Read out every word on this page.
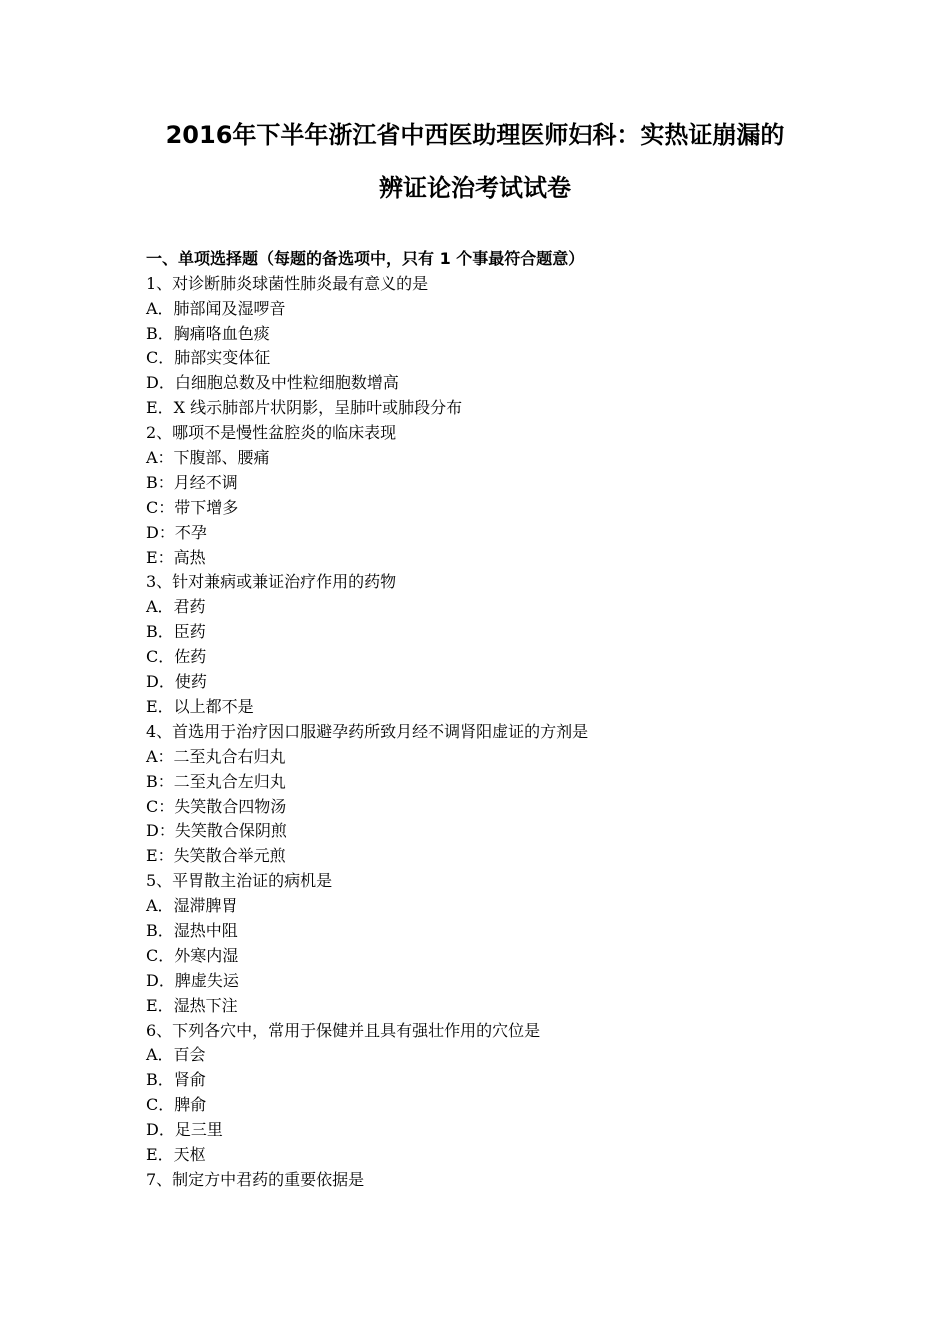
2016年下半年浙江省中西医助理医师妇科：实热证崩漏的
辨证论治考试试卷
一、单项选择题（每题的备选项中，只有 1 个事最符合题意）
1、对诊断肺炎球菌性肺炎最有意义的是
A．肺部闻及湿啰音
B．胸痛咯血色痰
C．肺部实变体征
D．白细胞总数及中性粒细胞数增高
E．X 线示肺部片状阴影，呈肺叶或肺段分布
2、哪项不是慢性盆腔炎的临床表现
A：下腹部、腰痛
B：月经不调
C：带下增多
D：不孕
E：高热
3、针对兼病或兼证治疗作用的药物
A．君药
B．臣药
C．佐药
D．使药
E．以上都不是
4、首选用于治疗因口服避孕药所致月经不调肾阳虚证的方剂是
A：二至丸合右归丸
B：二至丸合左归丸
C：失笑散合四物汤
D：失笑散合保阴煎
E：失笑散合举元煎
5、平胃散主治证的病机是
A．湿滞脾胃
B．湿热中阻
C．外寒内湿
D．脾虚失运
E．湿热下注
6、下列各穴中，常用于保健并且具有强壮作用的穴位是
A．百会
B．肾俞
C．脾俞
D．足三里
E．天枢
7、制定方中君药的重要依据是
